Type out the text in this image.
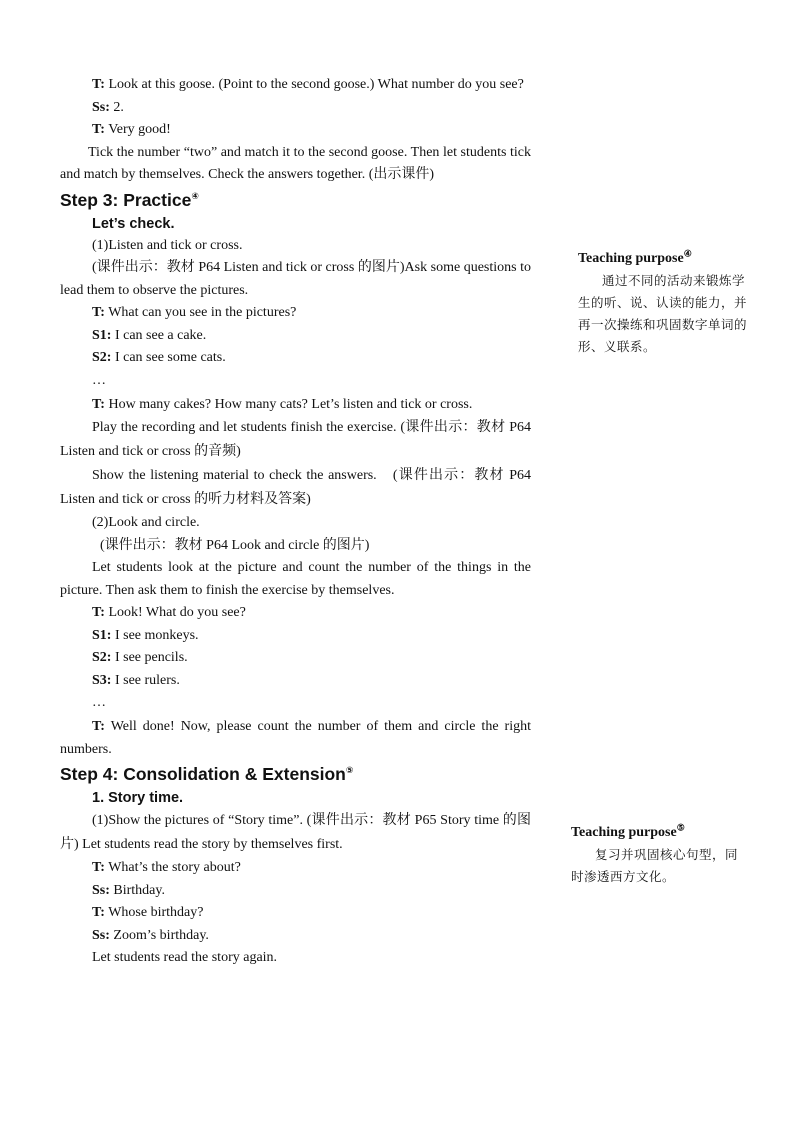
T: Look at this goose. (Point to the second goose.) What number do you see?

Ss: 2.

T: Very good!

Tick the number “two” and match it to the second goose. Then let students tick and match by themselves. Check the answers together. (出示课件)

Step 3: Practice④
Let’s check.

(1)Listen and tick or cross.

(课件出示：教材 P64 Listen and tick or cross 的图片)Ask some questions to lead them to observe the pictures.

T: What can you see in the pictures?

S1: I can see a cake.

S2: I can see some cats.

…

T: How many cakes? How many cats? Let’s listen and tick or cross.

Play the recording and let students finish the exercise. (课件出示：教材 P64　Listen and tick or cross 的音频)

Show the listening material to check the answers.　(课件出示：教材 P64 Listen and tick or cross 的听力材料及答案)

(2)Look and circle.

(课件出示：教材 P64 Look and circle 的图片)

Let students look at the picture and count the number of the things in the picture. Then ask them to finish the exercise by themselves.

T: Look! What do you see?

S1: I see monkeys.

S2: I see pencils.

S3: I see rulers.

…

T: Well done! Now, please count the number of them and circle the right numbers.

Step 4: Consolidation & Extension⑤
1. Story time.

(1)Show the pictures of “Story time”. (课件出示：教材 P65 Story time 的图片) Let students read the story by themselves first.

T: What’s the story about?

Ss: Birthday.

T: Whose birthday?

Ss: Zoom’s birthday.

Let students read the story again.

Teaching purpose④
通过不同的活动来锻炼学生的听、说、认读的能力，并再一次操练和巩固数字单词的形、义联系。
Teaching purpose⑤
复习并巩固核心句型，同时渗透西方文化。
